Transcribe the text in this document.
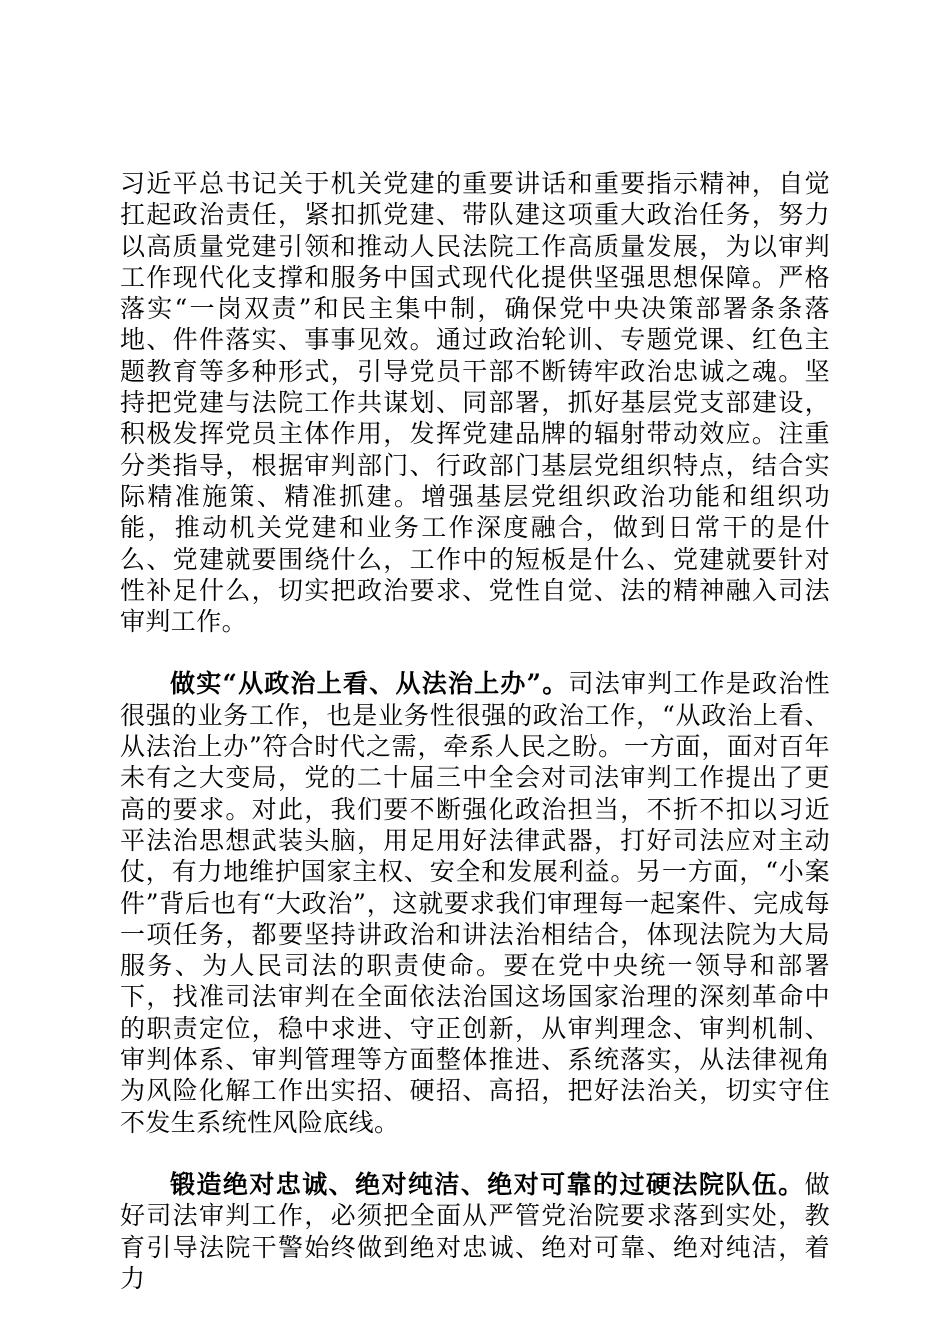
习近平总书记关于机关党建的重要讲话和重要指示精神，自觉扛起政治责任，紧扣抓党建、带队建这项重大政治任务，努力以高质量党建引领和推动人民法院工作高质量发展，为以审判工作现代化支撑和服务中国式现代化提供坚强思想保障。严格落实“一岗双责”和民主集中制，确保党中央决策部署条条落地、件件落实、事事见效。通过政治轮训、专题党课、红色主题教育等多种形式，引导党员干部不断铸牢政治忠诚之魂。坚持把党建与法院工作共谋划、同部署，抓好基层党支部建设，积极发挥党员主体作用，发挥党建品牌的辐射带动效应。注重分类指导，根据审判部门、行政部门基层党组织特点，结合实际精准施策、精准抓建。增强基层党组织政治功能和组织功能，推动机关党建和业务工作深度融合，做到日常干的是什么、党建就要围绕什么，工作中的短板是什么、党建就要针对性补足什么，切实把政治要求、党性自觉、法的精神融入司法审判工作。

做实“从政治上看、从法治上办”。司法审判工作是政治性很强的业务工作，也是业务性很强的政治工作，“从政治上看、从法治上办”符合时代之需，牵系人民之盼。一方面，面对百年未有之大变局，党的二十届三中全会对司法审判工作提出了更高的要求。对此，我们要不断强化政治担当，不折不扣以习近平法治思想武装头脑，用足用好法律武器，打好司法应对主动仗，有力地维护国家主权、安全和发展利益。另一方面，“小案件”背后也有“大政治”，这就要求我们审理每一起案件、完成每一项任务，都要坚持讲政治和讲法治相结合，体现法院为大局服务、为人民司法的职责使命。要在党中央统一领导和部署下，找准司法审判在全面依法治国这场国家治理的深刻革命中的职责定位，稳中求进、守正创新，从审判理念、审判机制、审判体系、审判管理等方面整体推进、系统落实，从法律视角为风险化解工作出实招、硬招、高招，把好法治关，切实守住不发生系统性风险底线。

锻造绝对忠诚、绝对纯洁、绝对可靠的过硬法院队伍。做好司法审判工作，必须把全面从严管党治院要求落到实处，教育引导法院干警始终做到绝对忠诚、绝对可靠、绝对纯洁，着力
